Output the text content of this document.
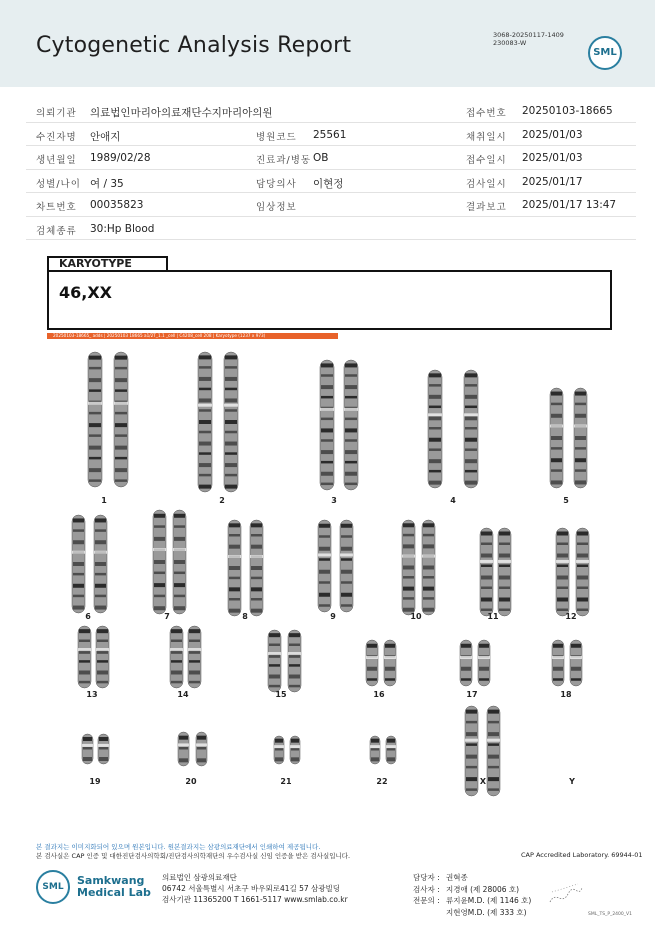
Cytogenetic Analysis Report	3068-20250117-1409
230083-W
SML
의뢰기관 의료법인마리아의료재단수지마리아의원	접수번호 20250103-18665
수진자명 안애지	병원코드 25561	채취일시 2025/01/03
생년월일 1989/02/28	진료과/병동 OB	접수일시 2025/01/03
성별/나이 여 / 35	담당의사 이현정	검사일시 2025/01/17
차트번호 00035823	임상정보	결과보고 2025/01/17 13:47
검체종류 30:Hp Blood
KARYOTYPE
46,XX
20250103-18665_ adds | 20250103 18665 a1/2T_1.1 _cell | C4208_cell 208 | Karyotype (1237 x 973)
1	2	3	4	5
6	7	8	9	10	11	12
13	14	15	16	17	18
19	20	21	22	X	Y
본 결과지는 이미지화되어 있으며 원본입니다. 원본결과지는 삼광의료재단에서 인쇄하여 제공됩니다.
본 검사실은 CAP 인증 및 대한진단검사의학회/진단검사의학재단의 우수검사실 신임 인증을 받은 검사실입니다.	CAP Accredited Laboratory. 69944-01
SML	Samkwang
Medical Lab
의료법인 삼광의료재단
06742 서울특별시 서초구 바우뫼로41길 57 삼광빌딩
검사기관 11365200 T 1661-5117 www.smlab.co.kr
담당자 : 권혁종
검사자 : 지경애 (제 28006 호)
전문의 : 류지윤M.D. (제 1146 호)
지현영M.D. (제 333 호)	SML_TS_P_2400_V1
